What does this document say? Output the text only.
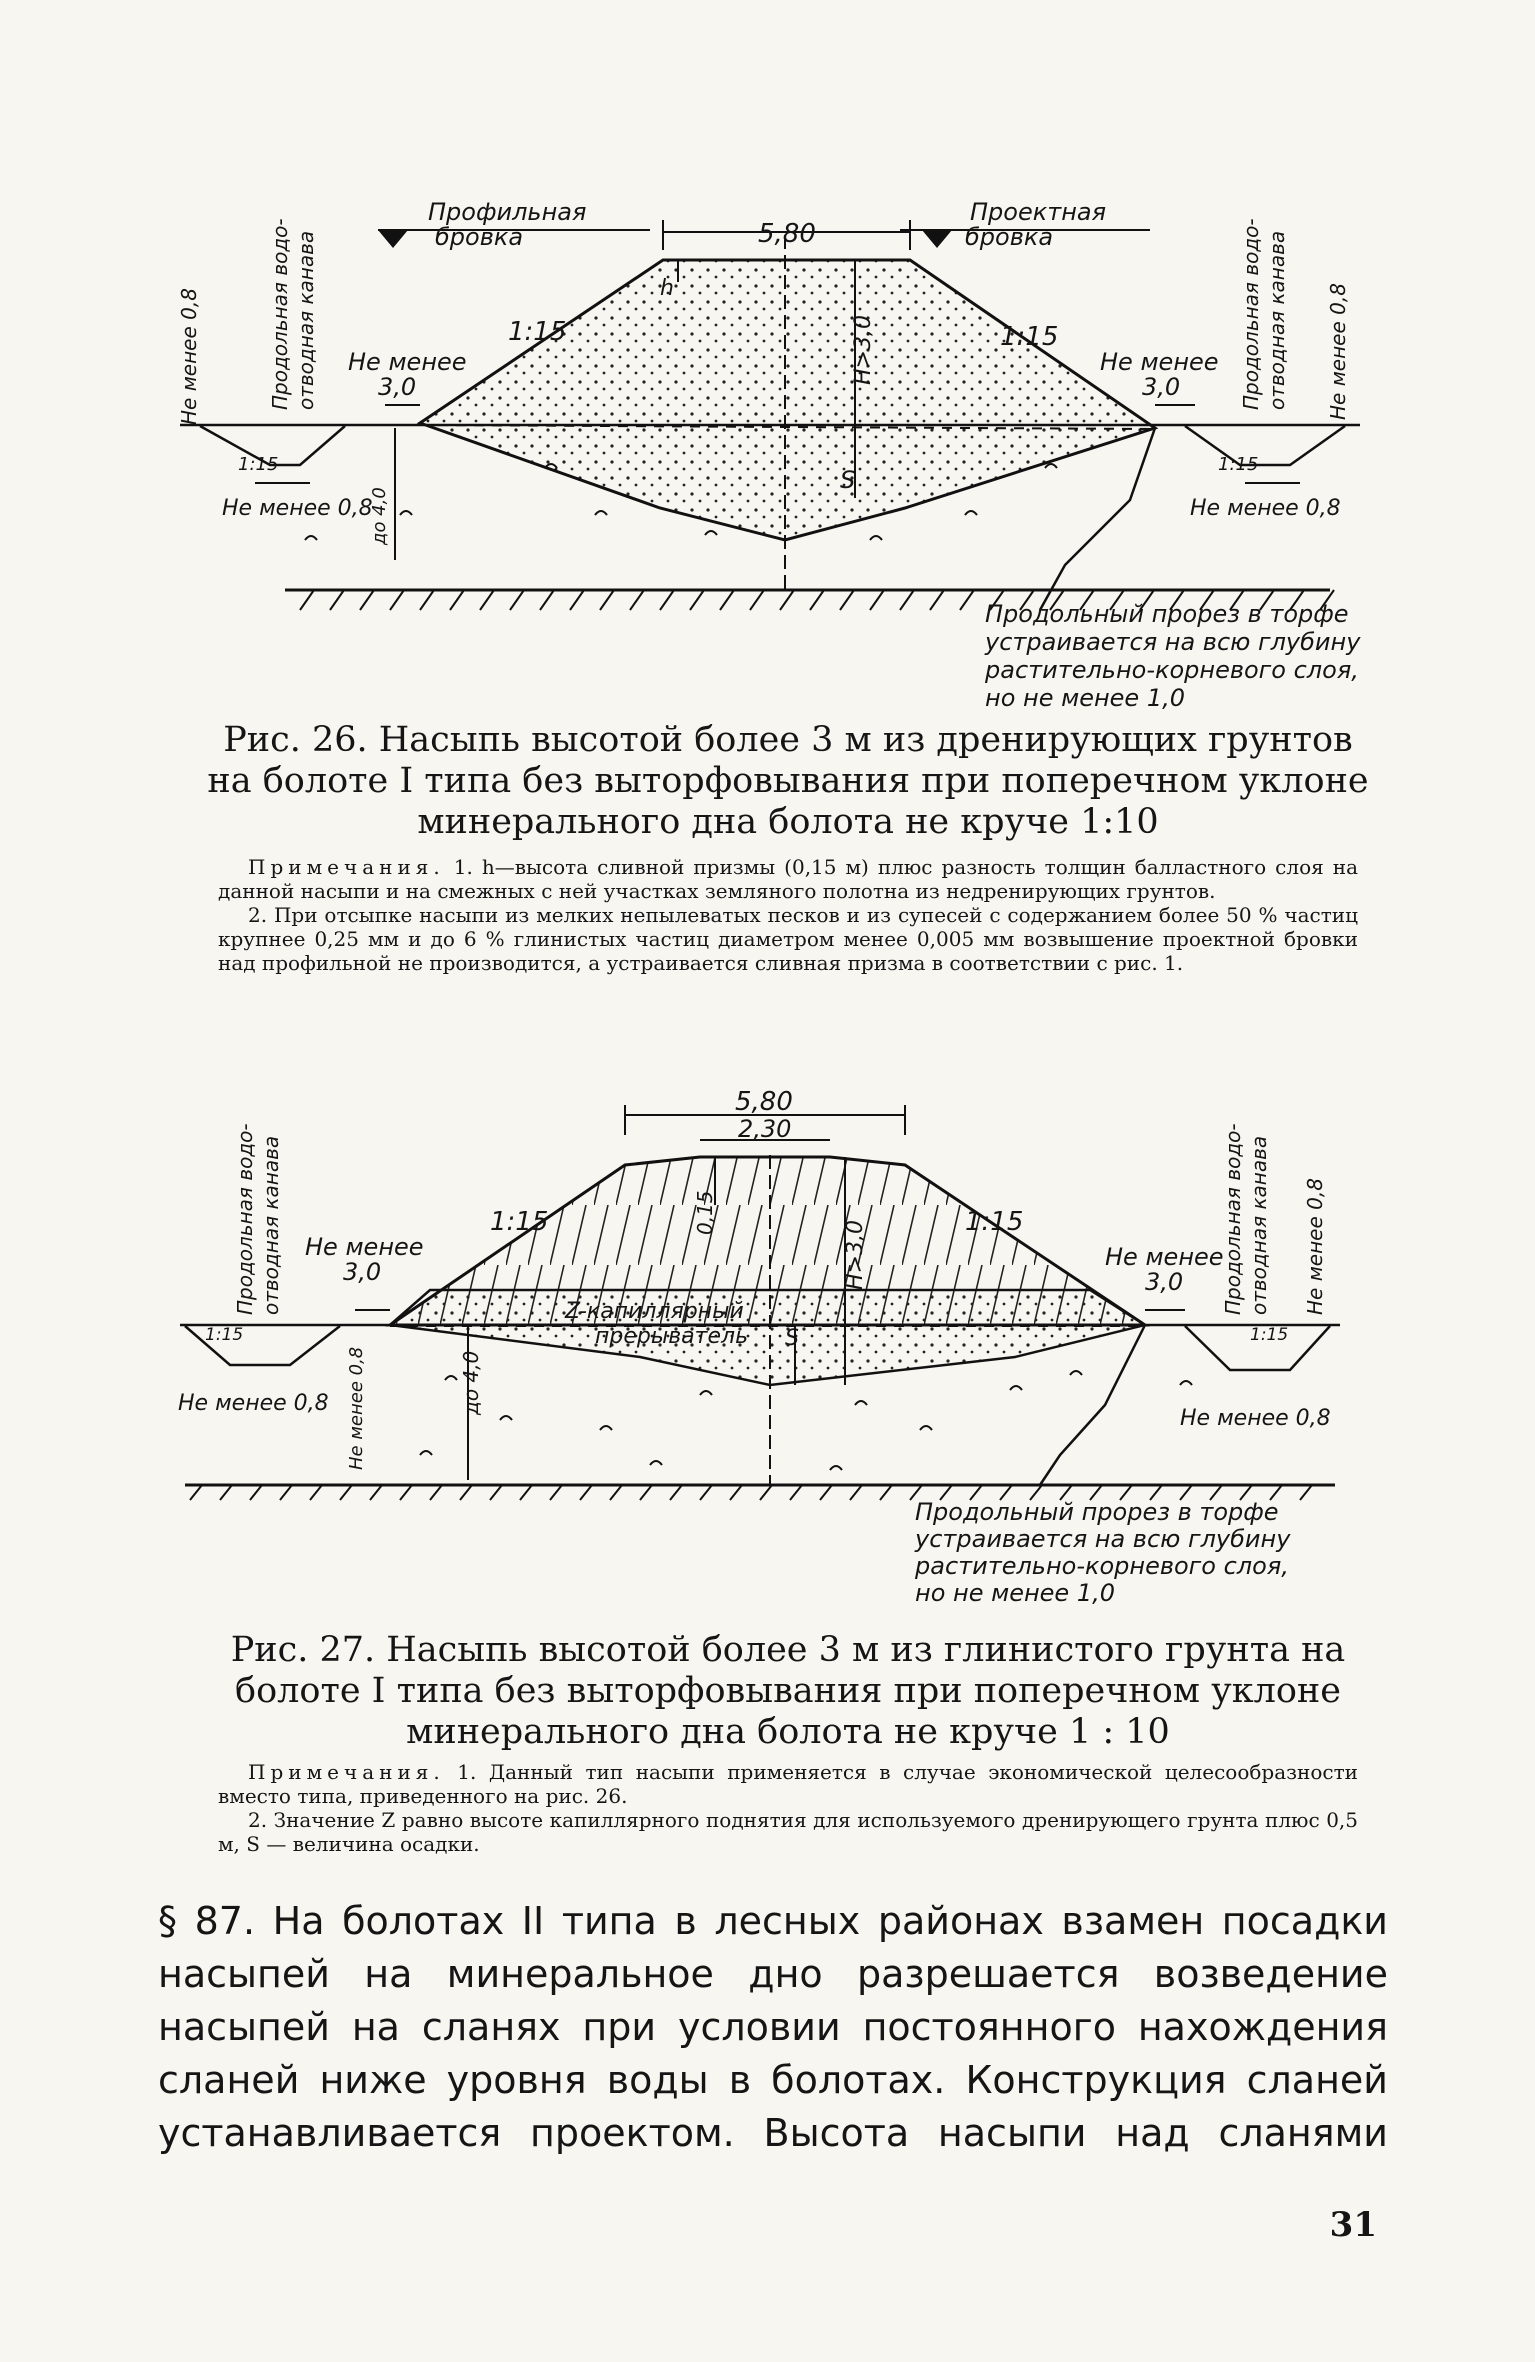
Профильная
бровка
Проектная
бровка
5,80
h
H>3,0
S
1:15	1:15
1:15	1:15
Не менее
3,0
Не менее
3,0
Не менее 0,8	Не менее 0,8
Не менее 0,8	Не менее 0,8
Продольная водо- отводная канава	Продольная водо- отводная канава
до 4,0
Продольный прорез в торфе
устраивается на всю глубину
растительно-корневого слоя,
но не менее 1,0
Рис. 26. Насыпь высотой более 3 м из дренирующих грунтов на болоте I типа без выторфовывания при поперечном уклоне минерального дна болота не круче 1:10

Примечания. 1. h—высота сливной призмы (0,15 м) плюс разность толщин балластного слоя на данной насыпи и на смежных с ней участках земляного полотна из недренирующих грунтов.

2. При отсыпке насыпи из мелких непылеватых песков и из супесей с содержанием более 50 % частиц крупнее 0,25 мм и до 6 % глинистых частиц диаметром менее 0,005 мм возвышение проектной бровки над профильной не производится, а устраивается сливная призма в соответствии с рис. 1.

5,80
2,30
0,15
H>3,0
1:15	1:15
1:15	1:15
Z-капиллярный
прерыватель
Не менее
3,0
Не менее
3,0
Не менее 0,8
Не менее 0,8
Не менее 0,8
Не менее 0,8
Продольная водо- отводная канава	Продольная водо- отводная канава
до 4,0
S
Продольный прорез в торфе
устраивается на всю глубину
растительно-корневого слоя,
но не менее 1,0
Рис. 27. Насыпь высотой более 3 м из глинистого грунта на болоте I типа без выторфовывания при поперечном уклоне минерального дна болота не круче 1 : 10

Примечания. 1. Данный тип насыпи применяется в случае экономической целесообразности вместо типа, приведенного на рис. 26.

2. Значение Z равно высоте капиллярного поднятия для используемого дренирующего грунта плюс 0,5 м, S — величина осадки.

§ 87. На болотах II типа в лесных районах взамен посадки насыпей на минеральное дно разрешается возведение насыпей на сланях при условии постоянного нахождения сланей ниже уровня воды в болотах. Конструкция сланей устанавливается проектом. Высота насыпи над сланями
31
